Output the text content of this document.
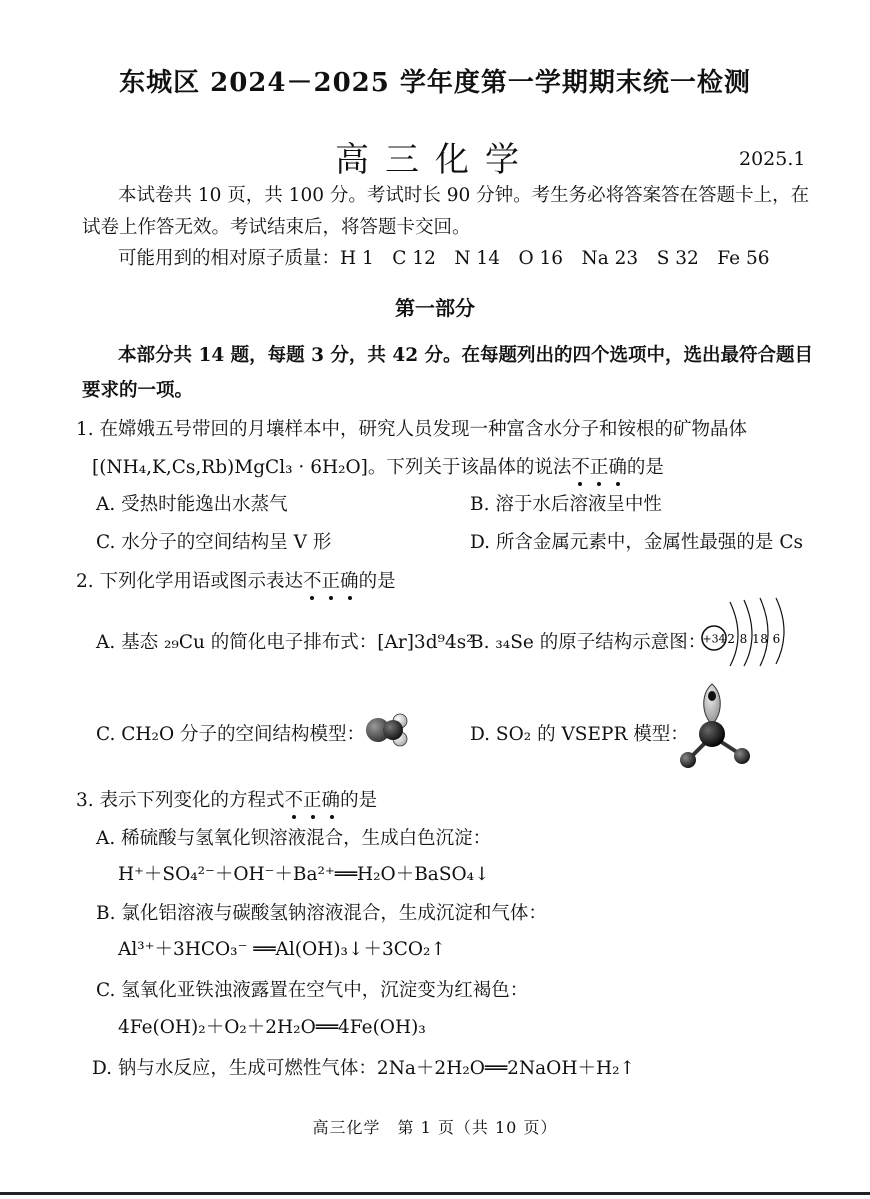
东城区 2024－2025 学年度第一学期期末统一检测
高三化学	2025.1
本试卷共 10 页，共 100 分。考试时长 90 分钟。考生务必将答案答在答题卡上，在
试卷上作答无效。考试结束后，将答题卡交回。
可能用到的相对原子质量：H 1　C 12　N 14　O 16　Na 23　S 32　Fe 56
第一部分
本部分共 14 题，每题 3 分，共 42 分。在每题列出的四个选项中，选出最符合题目
要求的一项。
1. 在嫦娥五号带回的月壤样本中，研究人员发现一种富含水分子和铵根的矿物晶体
[(NH₄,K,Cs,Rb)MgCl₃ · 6H₂O]。下列关于该晶体的说法不正确
的是
A. 受热时能逸出水蒸气	B. 溶于水后溶液呈中性
C. 水分子的空间结构呈 V 形	D. 所含金属元素中，金属性最强的是 Cs
2. 下列化学用语或图示表达不正确
的是
A. 基态 ₂₉Cu 的简化电子排布式：[Ar]3d⁹4s²
B. ₃₄Se 的原子结构示意图：
+34 2 8 18 6
C. CH₂O 分子的空间结构模型：	D. SO₂ 的 VSEPR 模型：
3. 表示下列变化的方程式不正确
的是
A. 稀硫酸与氢氧化钡溶液混合，生成白色沉淀：
H⁺＋SO₄²⁻＋OH⁻＋Ba²⁺══H₂O＋BaSO₄↓
B. 氯化铝溶液与碳酸氢钠溶液混合，生成沉淀和气体：
Al³⁺＋3HCO₃⁻ ══Al(OH)₃↓＋3CO₂↑
C. 氢氧化亚铁浊液露置在空气中，沉淀变为红褐色：
4Fe(OH)₂＋O₂＋2H₂O══4Fe(OH)₃
D. 钠与水反应，生成可燃性气体：2Na＋2H₂O══2NaOH＋H₂↑
高三化学　第 1 页（共 10 页）
